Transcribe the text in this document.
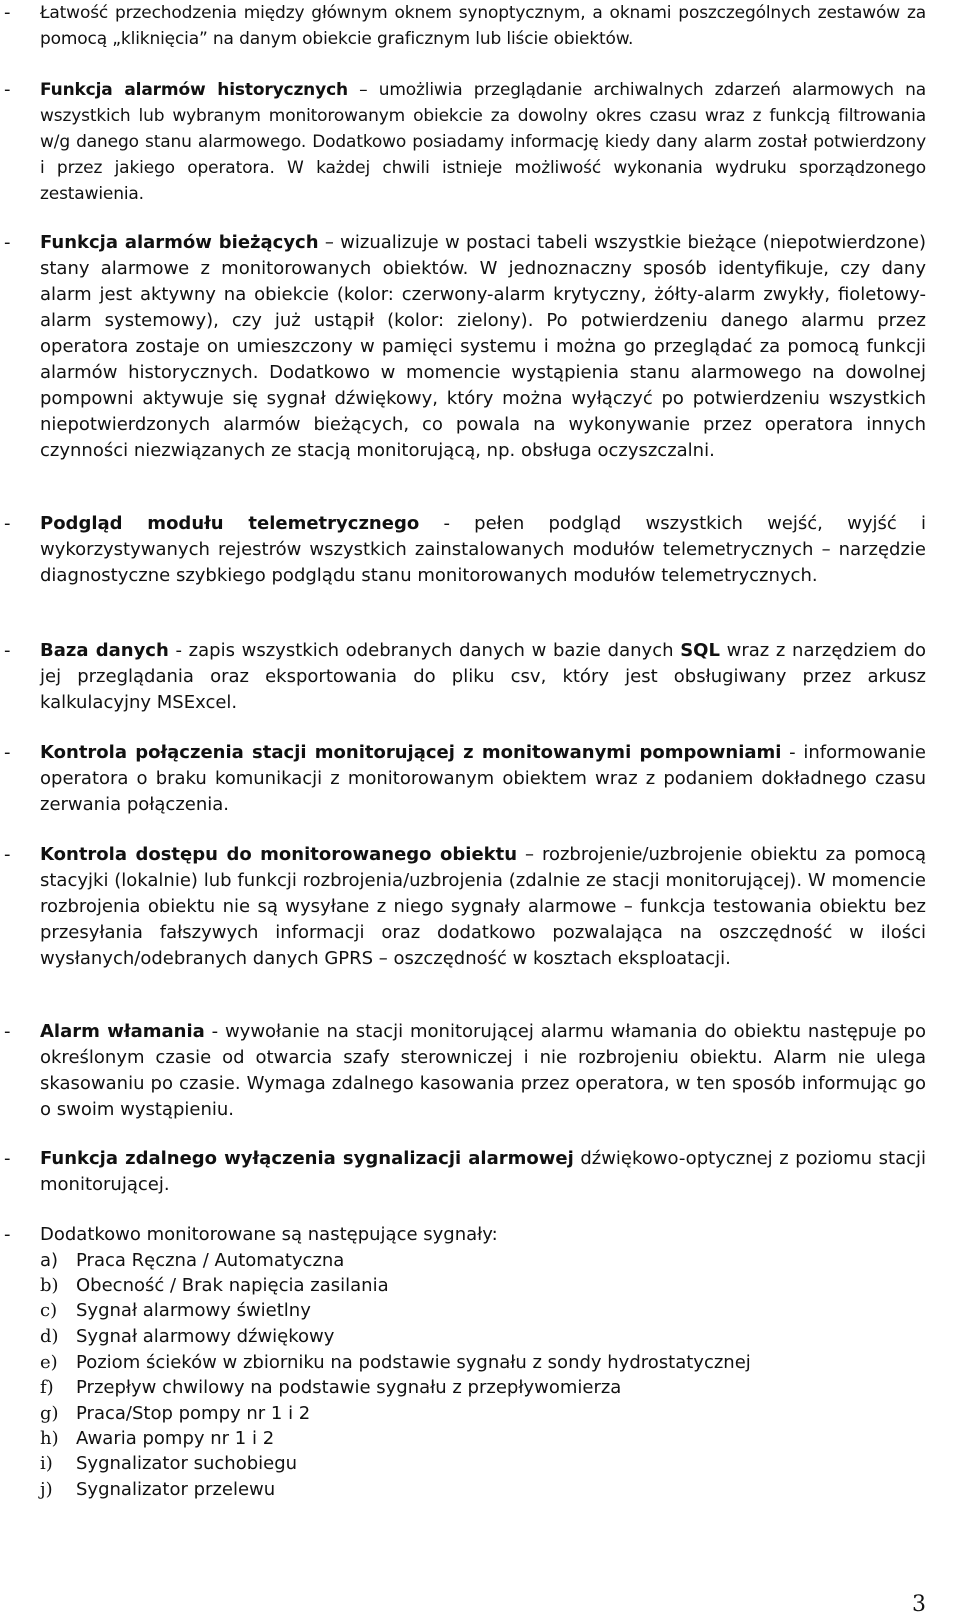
- Łatwość przechodzenia między głównym oknem synoptycznym, a oknami poszczególnych zestawów za pomocą „kliknięcia” na danym obiekcie graficznym lub liście obiektów.
- Funkcja alarmów historycznych – umożliwia przeglądanie archiwalnych zdarzeń alarmowych na wszystkich lub wybranym monitorowanym obiekcie za dowolny okres czasu wraz z funkcją filtrowania w/g danego stanu alarmowego. Dodatkowo posiadamy informację kiedy dany alarm został potwierdzony i przez jakiego operatora. W każdej chwili istnieje możliwość wykonania wydruku sporządzonego zestawienia.
- Funkcja alarmów bieżących – wizualizuje w postaci tabeli wszystkie bieżące (niepotwierdzone) stany alarmowe z monitorowanych obiektów. W jednoznaczny sposób identyfikuje, czy dany alarm jest aktywny na obiekcie (kolor: czerwony-alarm krytyczny, żółty-alarm zwykły, fioletowy-alarm systemowy), czy już ustąpił (kolor: zielony). Po potwierdzeniu danego alarmu przez operatora zostaje on umieszczony w pamięci systemu i można go przeglądać za pomocą funkcji alarmów historycznych. Dodatkowo w momencie wystąpienia stanu alarmowego na dowolnej pompowni aktywuje się sygnał dźwiękowy, który można wyłączyć po potwierdzeniu wszystkich niepotwierdzonych alarmów bieżących, co powala na wykonywanie przez operatora innych czynności niezwiązanych ze stacją monitorującą, np. obsługa oczyszczalni.
- Podgląd modułu telemetrycznego - pełen podgląd wszystkich wejść, wyjść i wykorzystywanych rejestrów wszystkich zainstalowanych modułów telemetrycznych – narzędzie diagnostyczne szybkiego podglądu stanu monitorowanych modułów telemetrycznych.
- Baza danych - zapis wszystkich odebranych danych w bazie danych SQL wraz z narzędziem do jej przeglądania oraz eksportowania do pliku csv, który jest obsługiwany przez arkusz kalkulacyjny MSExcel.
- Kontrola połączenia stacji monitorującej z monitowanymi pompowniami - informowanie operatora o braku komunikacji z monitorowanym obiektem wraz z podaniem dokładnego czasu zerwania połączenia.
- Kontrola dostępu do monitorowanego obiektu – rozbrojenie/uzbrojenie obiektu za pomocą stacyjki (lokalnie) lub funkcji rozbrojenia/uzbrojenia (zdalnie ze stacji monitorującej). W momencie rozbrojenia obiektu nie są wysyłane z niego sygnały alarmowe – funkcja testowania obiektu bez przesyłania fałszywych informacji oraz dodatkowo pozwalająca na oszczędność w ilości wysłanych/odebranych danych GPRS – oszczędność w kosztach eksploatacji.
- Alarm włamania - wywołanie na stacji monitorującej alarmu włamania do obiektu następuje po określonym czasie od otwarcia szafy sterowniczej i nie rozbrojeniu obiektu. Alarm nie ulega skasowaniu po czasie. Wymaga zdalnego kasowania przez operatora, w ten sposób informując go o swoim wystąpieniu.
- Funkcja zdalnego wyłączenia sygnalizacji alarmowej dźwiękowo-optycznej z poziomu stacji monitorującej.
- Dodatkowo monitorowane są następujące sygnały:
a) Praca Ręczna / Automatyczna
b) Obecność / Brak napięcia zasilania
c) Sygnał alarmowy świetlny
d) Sygnał alarmowy dźwiękowy
e) Poziom ścieków w zbiorniku na podstawie sygnału z sondy hydrostatycznej
f) Przepływ chwilowy na podstawie sygnału z przepływomierza
g) Praca/Stop pompy nr 1 i 2
h) Awaria pompy nr 1 i 2
i) Sygnalizator suchobiegu
j) Sygnalizator przelewu
3
